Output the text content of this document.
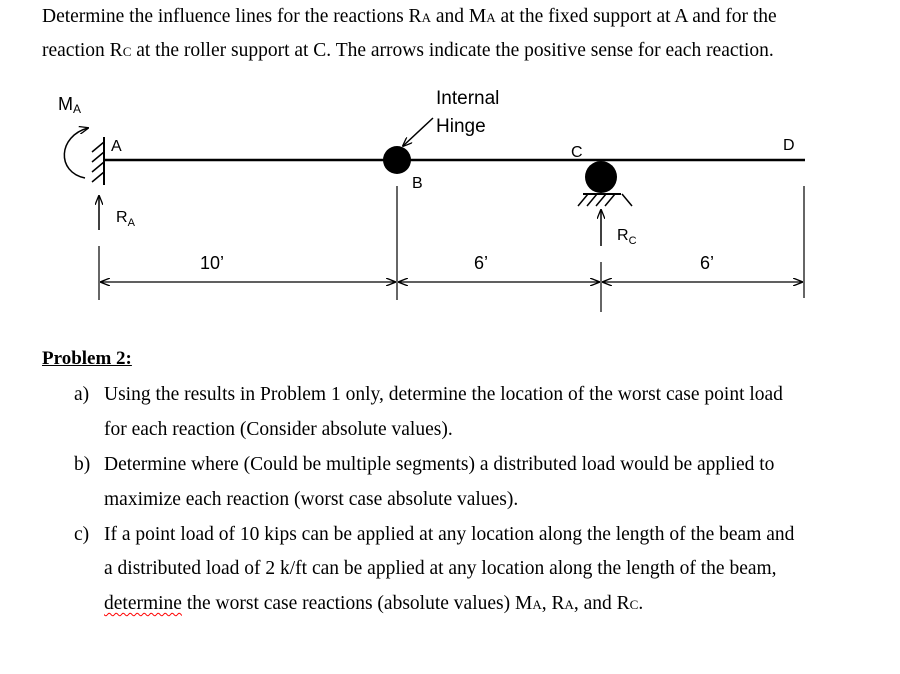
Determine the influence lines for the reactions RA and MA at the fixed support at A and for the
reaction RC at the roller support at C. The arrows indicate the positive sense for each reaction.
MA
A
$R_A$
Internal
Hinge
B
C
$R_C$
D
10’	6’	6’
Problem 2:
a) Using the results in Problem 1 only, determine the location of the worst case point load
for each reaction (Consider absolute values).
b) Determine where (Could be multiple segments) a distributed load would be applied to
maximize each reaction (worst case absolute values).
c) If a point load of 10 kips can be applied at any location along the length of the beam and
a distributed load of 2 k/ft can be applied at any location along the length of the beam,
determine the worst case reactions (absolute values) MA, RA, and RC.
